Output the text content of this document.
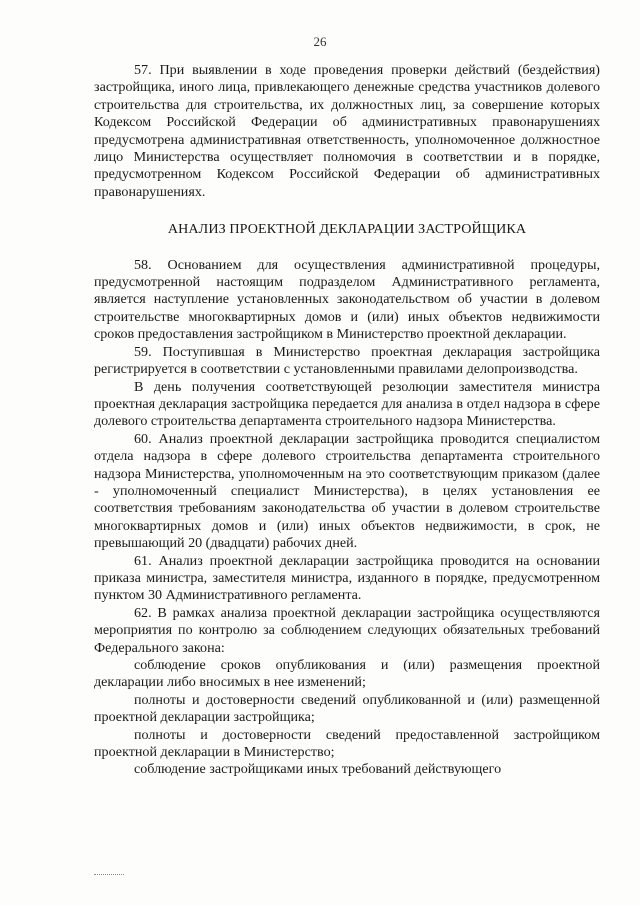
26

57. При выявлении в ходе проведения проверки действий (бездействия) застройщика, иного лица, привлекающего денежные средства участников долевого строительства для строительства, их должностных лиц, за совершение которых Кодексом Российской Федерации об административных правонарушениях предусмотрена административная ответственность, уполномоченное должностное лицо Министерства осуществляет полномочия в соответствии и в порядке, предусмотренном Кодексом Российской Федерации об административных правонарушениях.

АНАЛИЗ ПРОЕКТНОЙ ДЕКЛАРАЦИИ ЗАСТРОЙЩИКА

58. Основанием для осуществления административной процедуры, предусмотренной настоящим подразделом Административного регламента, является наступление установленных законодательством об участии в долевом строительстве многоквартирных домов и (или) иных объектов недвижимости сроков предоставления застройщиком в Министерство проектной декларации.

59. Поступившая в Министерство проектная декларация застройщика регистрируется в соответствии с установленными правилами делопроизводства.

В день получения соответствующей резолюции заместителя министра проектная декларация застройщика передается для анализа в отдел надзора в сфере долевого строительства департамента строительного надзора Министерства.

60. Анализ проектной декларации застройщика проводится специалистом отдела надзора в сфере долевого строительства департамента строительного надзора Министерства, уполномоченным на это соответствующим приказом (далее - уполномоченный специалист Министерства), в целях установления ее соответствия требованиям законодательства об участии в долевом строительстве многоквартирных домов и (или) иных объектов недвижимости, в срок, не превышающий 20 (двадцати) рабочих дней.

61. Анализ проектной декларации застройщика проводится на основании приказа министра, заместителя министра, изданного в порядке, предусмотренном пунктом 30 Административного регламента.

62. В рамках анализа проектной декларации застройщика осуществляются мероприятия по контролю за соблюдением следующих обязательных требований Федерального закона:

соблюдение сроков опубликования и (или) размещения проектной декларации либо вносимых в нее изменений;

полноты и достоверности сведений опубликованной и (или) размещенной проектной декларации застройщика;

полноты и достоверности сведений предоставленной застройщиком проектной декларации в Министерство;

соблюдение застройщиками иных требований действующего
